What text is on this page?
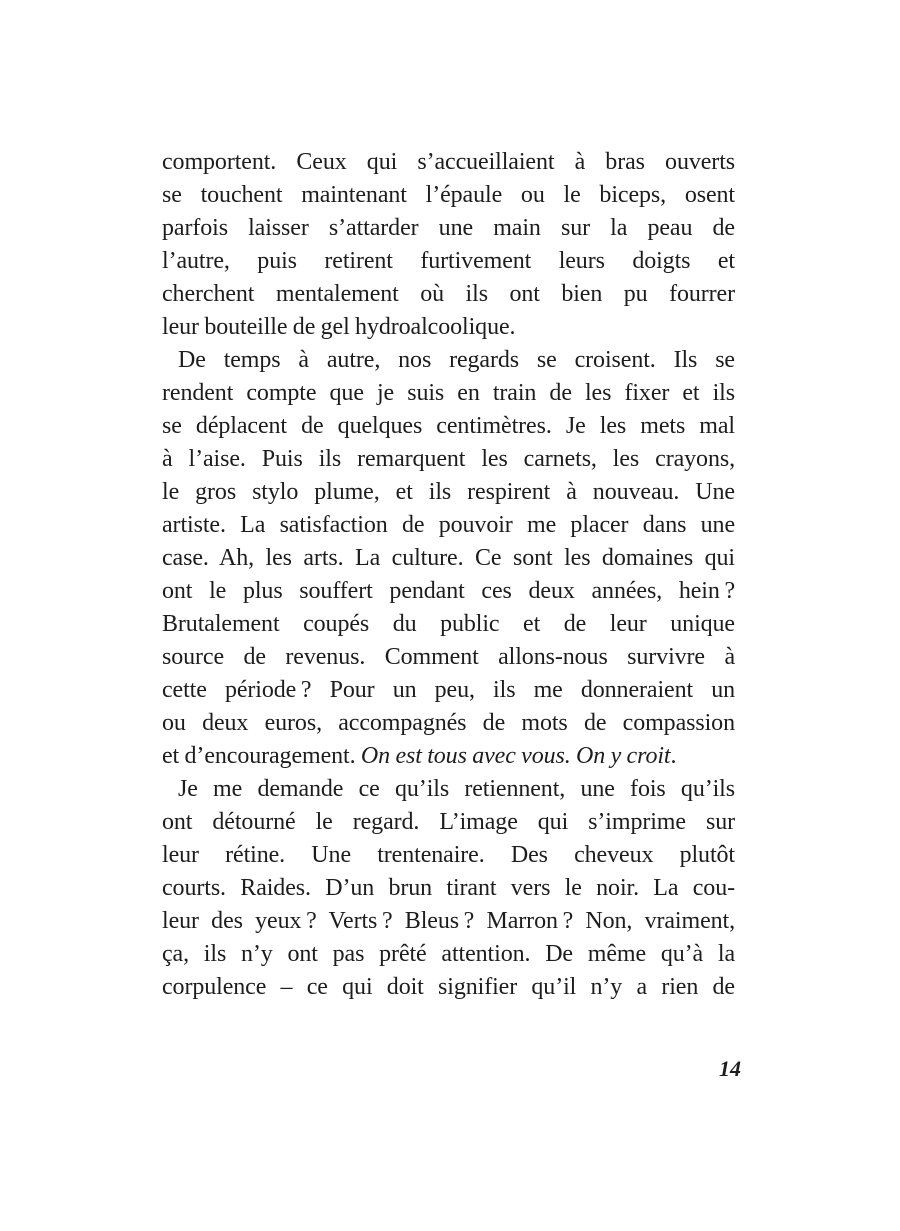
comportent. Ceux qui s’accueillaient à bras ouverts
se touchent maintenant l’épaule ou le biceps, osent
parfois laisser s’attarder une main sur la peau de
l’autre, puis retirent furtivement leurs doigts et
cherchent mentalement où ils ont bien pu fourrer
leur bouteille de gel hydroalcoolique.
De temps à autre, nos regards se croisent. Ils se
rendent compte que je suis en train de les fixer et ils
se déplacent de quelques centimètres. Je les mets mal
à l’aise. Puis ils remarquent les carnets, les crayons,
le gros stylo plume, et ils respirent à nouveau. Une
artiste. La satisfaction de pouvoir me placer dans une
case. Ah, les arts. La culture. Ce sont les domaines qui
ont le plus souffert pendant ces deux années, hein ?
Brutalement coupés du public et de leur unique
source de revenus. Comment allons-nous survivre à
cette période ? Pour un peu, ils me donneraient un
ou deux euros, accompagnés de mots de compassion
et d’encouragement. On est tous avec vous. On y croit.
Je me demande ce qu’ils retiennent, une fois qu’ils
ont détourné le regard. L’image qui s’imprime sur
leur rétine. Une trentenaire. Des cheveux plutôt
courts. Raides. D’un brun tirant vers le noir. La cou-
leur des yeux ? Verts ? Bleus ? Marron ? Non, vraiment,
ça, ils n’y ont pas prêté attention. De même qu’à la
corpulence – ce qui doit signifier qu’il n’y a rien de
14
